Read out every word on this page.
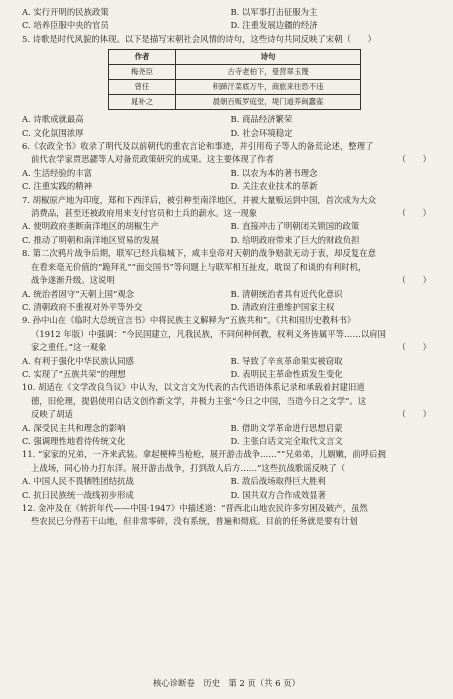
A. 实行开明的民族政策	B. 以军事打击征服为主
C. 培养臣服中央的官员	D. 注重发展边疆的经济
5. 诗歌是时代风貌的体现。以下是描写宋朝社会风情的诗句，这些诗句共同反映了宋朝（　　）
作者	诗句
梅尧臣	古寺老柏下，曼营翠玉篾
曾任	积蹄汗菜底万牛，商旅来往恐不违
晁补之	晨朝百贩罗庭堂，堤门道养闽蠢雀
A. 诗歌成就最高	B. 商品经济繁荣
C. 文化氛围浓厚	D. 社会环境稳定
6.《农政全书》收录了明代及以前朝代的重农言论和事迹，并引用荀子等人的备荒论述，整理了
前代农学家贾思勰等人对备荒政策研究的成果。这主要体现了作者	（　　）
A. 生活经验的丰富	B. 以农为本的著书理念
C. 注重实践的精神	D. 关注农业技术的革新
7. 胡椒原产地为印度，郑和下西洋后，被引种至南洋地区，并被大量贩运到中国，首次成为大众
消费品，甚至还被政府用来支付官员和士兵的薪水。这一现象	（　　）
A. 使明政府垄断南洋地区的胡椒生产	B. 直接冲击了明朝闭关锁国的政策
C. 推动了明朝和南洋地区贸易的发展	D. 给明政府带来了巨大的财政负担
8. 第二次鸦片战争后期，联军已经兵临城下，咸丰皇帝对天朝的战争赔款无动于衷，却反复在意
在看来毫无价值的“跪拜礼”“面交国书”等问题上与联军相互扯皮，耽误了和谈的有利时机，
战争遂渐升级。这说明	（　　）
A. 统治者固守“天朝上国”观念	B. 清朝统治者具有近代化意识
C. 清朝政府不重视对外平等外交	D. 清政府注重维护国家主权
9. 孙中山在《临时大总统宣言书》中将民族主义解释为“五族共和”。《共和国历史教科书》
（1912 年版）中强调：“今民国建立，凡我民族，不同何种何教，权利义务皆属平等……以肩国
家之重任。”这一观象	（　　）
A. 有利于强化中华民族认同感	B. 导致了辛亥革命果实被窃取
C. 实现了“五族共荣”的理想	D. 表明民主革命性质发生变化
10. 胡适在《文学改良刍议》中认为，以文言文为代表的古代语语体系记录和承载着封建旧道
德，旧伦理，提倡使用白话文创作新文学，并极力主张“今日之中国，当造今日之文学”。这
反映了胡适	（　　）
A. 深受民主共和理念的影响	B. 借助文学革命进行思想启蒙
C. 强调理性地看待传统文化	D. 主张白话文完全取代文言文
11. “家家的兄弟，一齐来武装。拿起梗棒当枪枪，展开游击战争……”“兄弟弟，儿姻嫩，前呼后拥
上战场，同心协力打东洋。展开游击战争，打到敌人后方……”这些抗战歌谣反映了（
A. 中国人民不畏牺牲团结抗战	B. 敌后战场取得巨大胜利
C. 抗日民族统一战线初步形成	D. 国共双方合作成效显著
12. 金冲及在《转折年代——中国·1947》中描述道：“晋西北山地农民许多穷困及破产，虽然
些农民已分得若干山地，但非常零碎，没有系统，普遍和彻底。目前的任务就是要有计划
核心诊断卷　历史　第 2 页（共 6 页）
